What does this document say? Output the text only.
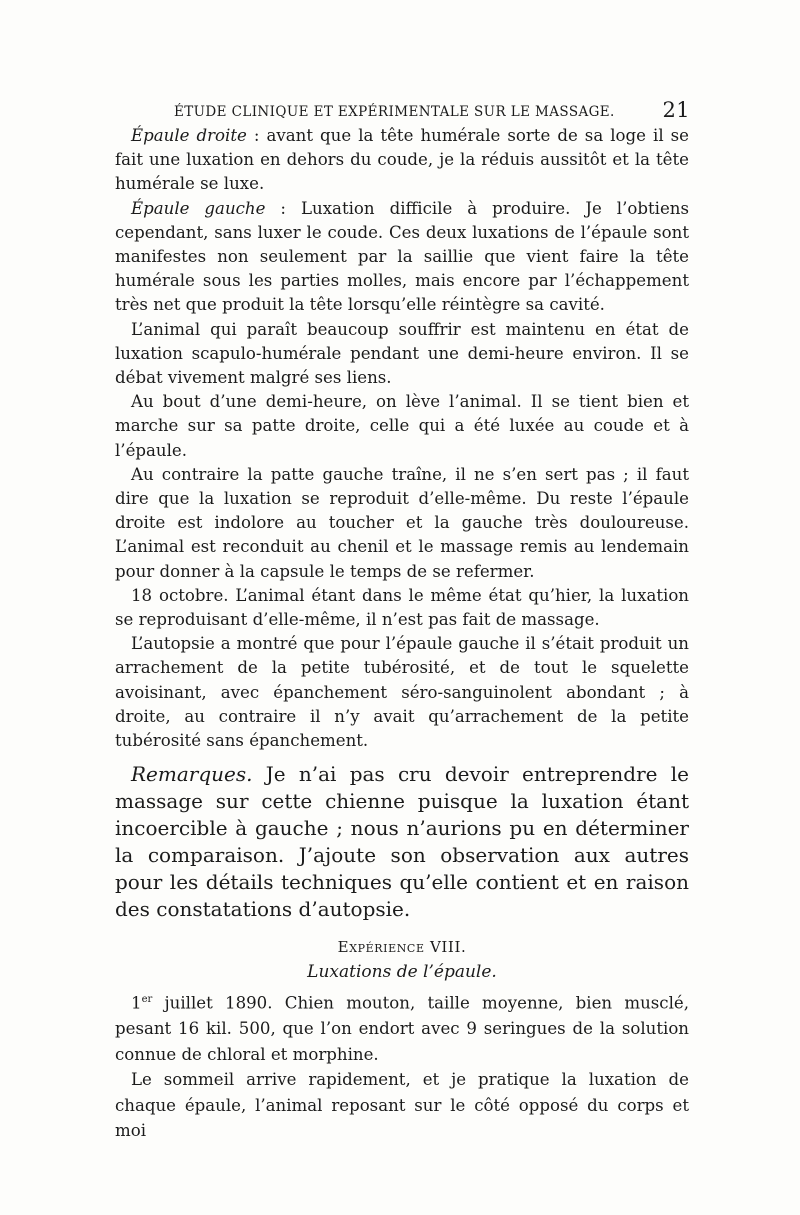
ÉTUDE CLINIQUE ET EXPÉRIMENTALE SUR LE MASSAGE. 21

Épaule droite : avant que la tête humérale sorte de sa loge il se fait une luxation en dehors du coude, je la réduis aussitôt et la tête humérale se luxe.

Épaule gauche : Luxation difficile à produire. Je l’obtiens cependant, sans luxer le coude. Ces deux luxations de l’épaule sont manifestes non seulement par la saillie que vient faire la tête humérale sous les parties molles, mais encore par l’échappement très net que produit la tête lorsqu’elle réintègre sa cavité.

L’animal qui paraît beaucoup souffrir est maintenu en état de luxation scapulo-humérale pendant une demi-heure environ. Il se débat vivement malgré ses liens.

Au bout d’une demi-heure, on lève l’animal. Il se tient bien et marche sur sa patte droite, celle qui a été luxée au coude et à l’épaule.

Au contraire la patte gauche traîne, il ne s’en sert pas ; il faut dire que la luxation se reproduit d’elle-même. Du reste l’épaule droite est indolore au toucher et la gauche très douloureuse. L’animal est reconduit au chenil et le massage remis au lendemain pour donner à la capsule le temps de se refermer.

18 octobre. L’animal étant dans le même état qu’hier, la luxation se reproduisant d’elle-même, il n’est pas fait de massage.

L’autopsie a montré que pour l’épaule gauche il s’était produit un arrachement de la petite tubérosité, et de tout le squelette avoisinant, avec épanchement séro-sanguinolent abondant ; à droite, au contraire il n’y avait qu’arrachement de la petite tubérosité sans épanchement.

Remarques. Je n’ai pas cru devoir entreprendre le massage sur cette chienne puisque la luxation étant incoercible à gauche ; nous n’aurions pu en déterminer la comparaison. J’ajoute son observation aux autres pour les détails techniques qu’elle contient et en raison des constatations d’autopsie.

Expérience VIII.
Luxations de l’épaule.

1er juillet 1890. Chien mouton, taille moyenne, bien musclé, pesant 16 kil. 500, que l’on endort avec 9 seringues de la solution connue de chloral et morphine.

Le sommeil arrive rapidement, et je pratique la luxation de chaque épaule, l’animal reposant sur le côté opposé du corps et moi
